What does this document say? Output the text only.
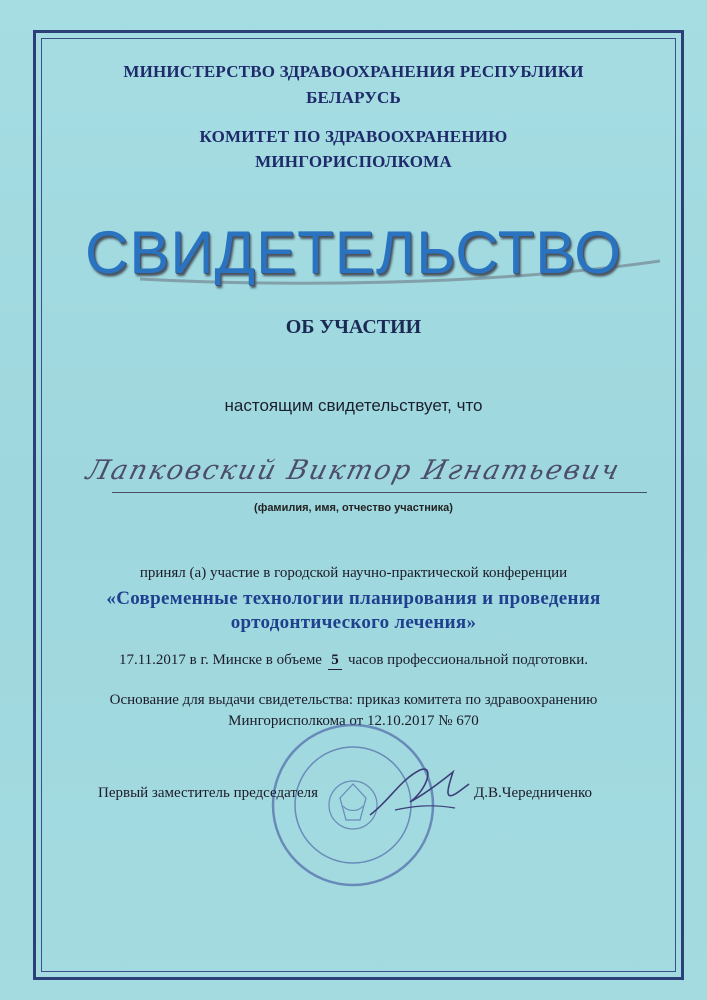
МИНИСТЕРСТВО ЗДРАВООХРАНЕНИЯ РЕСПУБЛИКИ
БЕЛАРУСЬ
КОМИТЕТ ПО ЗДРАВООХРАНЕНИЮ
МИНГОРИСПОЛКОМА
СВИДЕТЕЛЬСТВО
ОБ УЧАСТИИ
настоящим свидетельствует, что
Лапковский Виктор Игнатьевич
(фамилия, имя, отчество участника)
принял (а) участие в городской научно-практической конференции
«Современные технологии планирования и проведения
ортодонтического лечения»
17.11.2017 в г. Минске в объеме 5 часов профессиональной подготовки.
Основание для выдачи свидетельства: приказ комитета по здравоохранению
Мингорисполкома от 12.10.2017 № 670
Первый заместитель председателя	Д.В.Чередниченко
